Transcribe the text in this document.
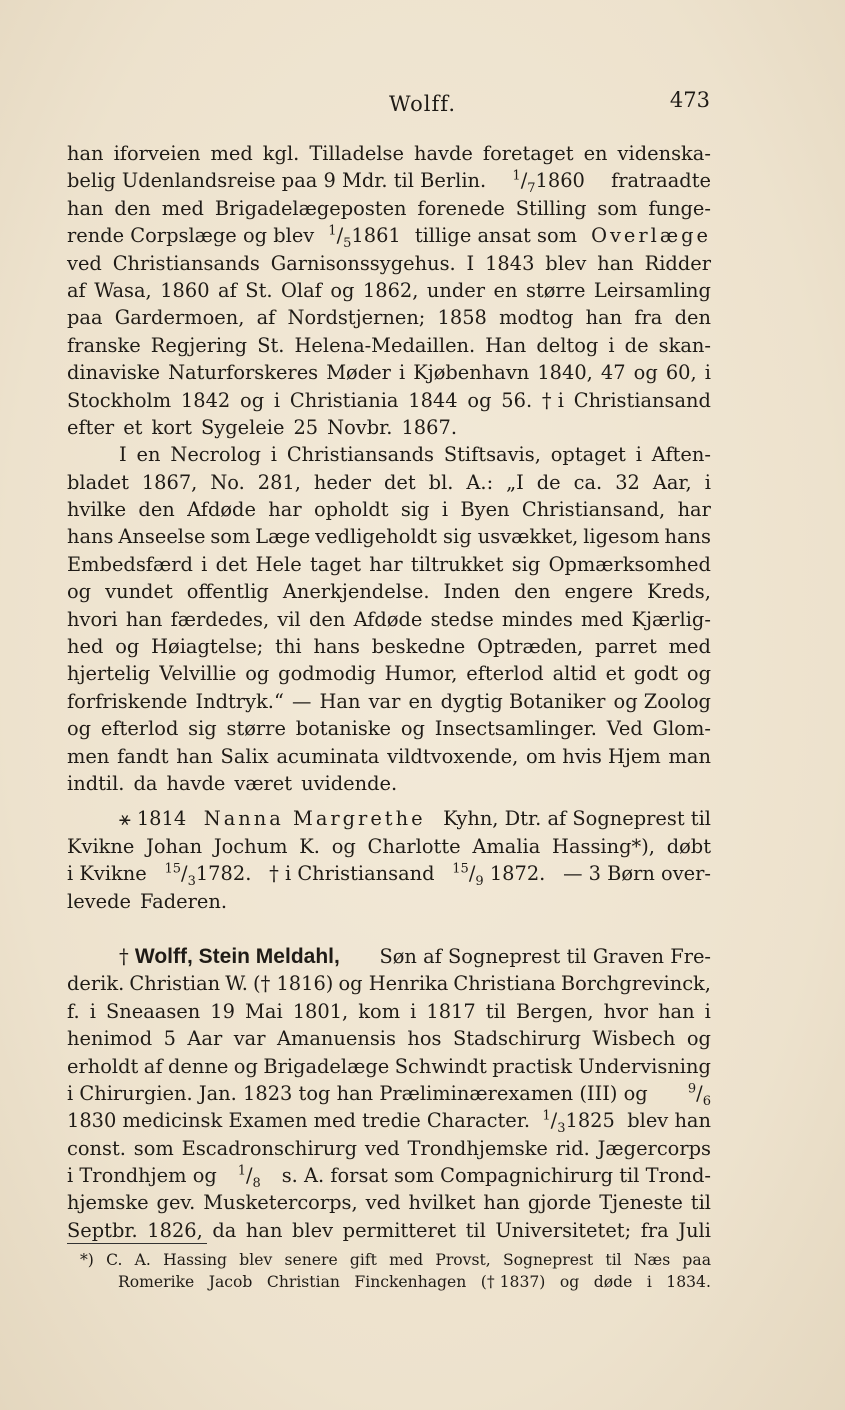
Wolff.	473
han iforveien med kgl. Tilladelse havde foretaget en videnska-
belig Udenlandsreise paa 9 Mdr. til Berlin. $^1/_71860$ fratraadte
han den med Brigadelægeposten forenede Stilling som funge-
rende Corpslæge og blev $^1/_51861$ tillige ansat som Overlæge
ved Christiansands Garnisonssygehus. I 1843 blev han Ridder
af Wasa, 1860 af St. Olaf og 1862, under en større Leirsamling
paa Gardermoen, af Nordstjernen; 1858 modtog han fra den
franske Regjering St. Helena-Medaillen. Han deltog i de skan-
dinaviske Naturforskeres Møder i Kjøbenhavn 1840, 47 og 60, i
Stockholm 1842 og i Christiania 1844 og 56. † i Christiansand
efter et kort Sygeleie 25 Novbr. 1867.
I en Necrolog i Christiansands Stiftsavis, optaget i Aften-
bladet 1867, No. 281, heder det bl. A.: „I de ca. 32 Aar, i
hvilke den Afdøde har opholdt sig i Byen Christiansand, har
hans Anseelse som Læge vedligeholdt sig usvækket, ligesom hans
Embedsfærd i det Hele taget har tiltrukket sig Opmærksomhed
og vundet offentlig Anerkjendelse. Inden den engere Kreds,
hvori han færdedes, vil den Afdøde stedse mindes med Kjærlig-
hed og Høiagtelse; thi hans beskedne Optræden, parret med
hjertelig Velvillie og godmodig Humor, efterlod altid et godt og
forfriskende Indtryk.“ — Han var en dygtig Botaniker og Zoolog
og efterlod sig større botaniske og Insectsamlinger. Ved Glom-
men fandt han Salix acuminata vildtvoxende, om hvis Hjem man
indtil. da havde været uvidende.
⚹ 1814 Nanna Margrethe Kyhn, Dtr. af Sogneprest til
Kvikne Johan Jochum K. og Charlotte Amalia Hassing*), døbt
i Kvikne $^{15}/_31782$. † i Christiansand $^{15}/_9$ 1872. — 3 Børn over-
levede Faderen.
† Wolff, Stein Meldahl, Søn af Sogneprest til Graven Fre-
derik. Christian W. († 1816) og Henrika Christiana Borchgrevinck,
f. i Sneaasen 19 Mai 1801, kom i 1817 til Bergen, hvor han i
henimod 5 Aar var Amanuensis hos Stadschirurg Wisbech og
erholdt af denne og Brigadelæge Schwindt practisk Undervisning
i Chirurgien. Jan. 1823 tog han Præliminærexamen (III) og	$^9/_6$
1830 medicinsk Examen med tredie Character. $^1/_31825$ blev han
const. som Escadronschirurg ved Trondhjemske rid. Jægercorps
i Trondhjem og $^1/_8$ s. A. forsat som Compagnichirurg til Trond-
hjemske gev. Musketercorps, ved hvilket han gjorde Tjeneste til
Septbr. 1826, da han blev permitteret til Universitetet; fra Juli
*) C. A. Hassing blev senere gift med Provst, Sogneprest til Næs paa
Romerike Jacob Christian Finckenhagen († 1837) og døde i 1834.
